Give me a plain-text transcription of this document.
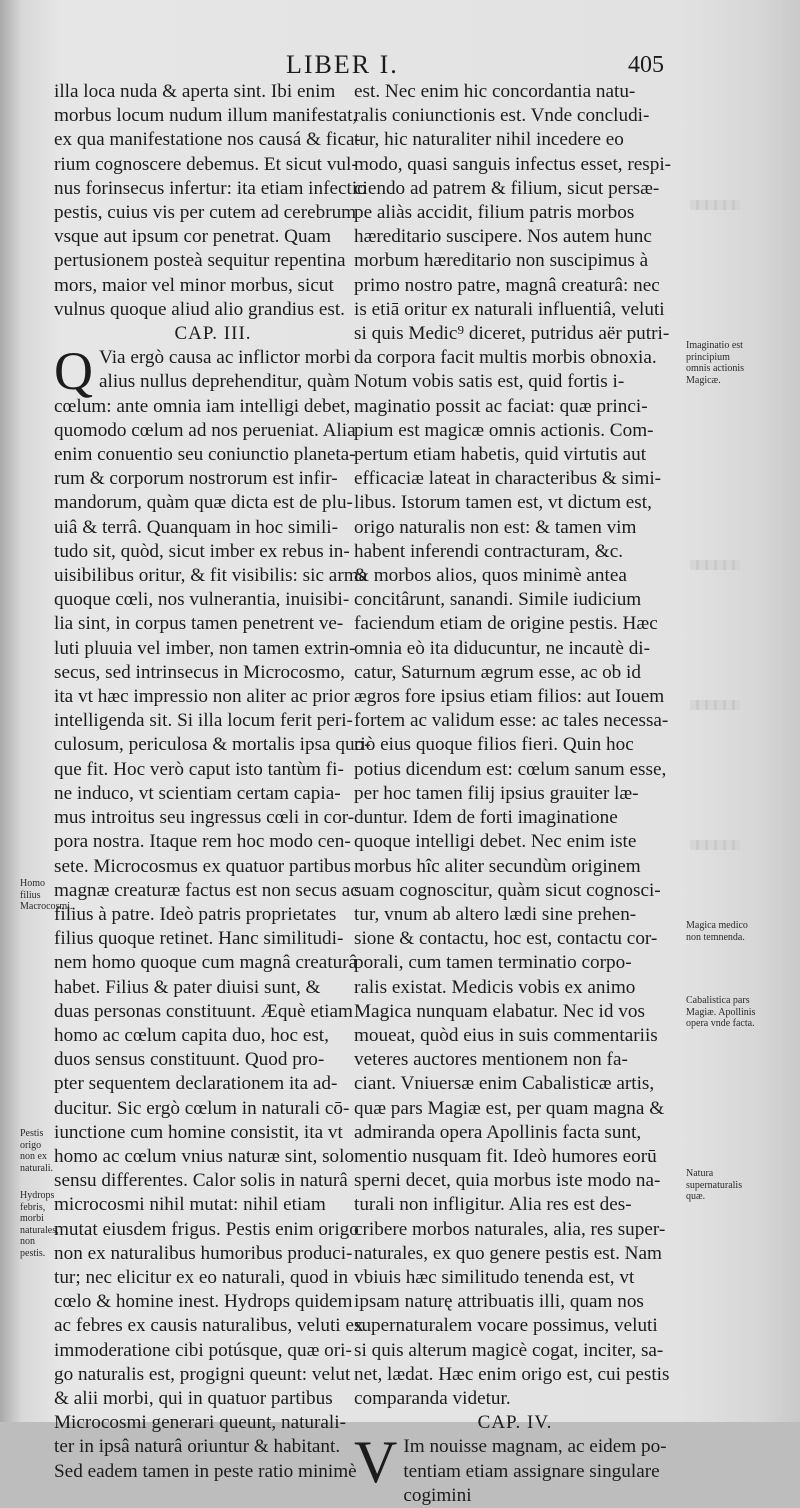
LIBER I.	405
illa loca nuda & aperta sint. Ibi enim
morbus locum nudum illum manifestat,
ex qua manifestatione nos causá & fica-
rium cognoscere debemus. Et sicut vul-
nus forinsecus infertur: ita etiam infectio
pestis, cuius vis per cutem ad cerebrum
vsque aut ipsum cor penetrat. Quam
pertusionem posteà sequitur repentina
mors, maior vel minor morbus, sicut
vulnus quoque aliud alio grandius est.
CAP. III.
Q Via ergò causa ac inflictor morbi
alius nullus deprehenditur, quàm
cœlum: ante omnia iam intelligi debet,
quomodo cœlum ad nos perueniat. Alia
enim conuentio seu coniunctio planeta-
rum & corporum nostrorum est infir-
mandorum, quàm quæ dicta est de plu-
uiâ & terrâ. Quanquam in hoc simili-
tudo sit, quòd, sicut imber ex rebus in-
uisibilibus oritur, & fit visibilis: sic arma
quoque cœli, nos vulnerantia, inuisibi-
lia sint, in corpus tamen penetrent ve-
luti pluuia vel imber, non tamen extrin-
secus, sed intrinsecus in Microcosmo,
ita vt hæc impressio non aliter ac prior
intelligenda sit. Si illa locum ferit peri-
culosum, periculosa & mortalis ipsa quo-
que fit. Hoc verò caput isto tantùm fi-
ne induco, vt scientiam certam capia-
mus introitus seu ingressus cœli in cor-
pora nostra. Itaque rem hoc modo cen-
sete. Microcosmus ex quatuor partibus
magnæ creaturæ factus est non secus ac
filius à patre. Ideò patris proprietates
filius quoque retinet. Hanc similitudi-
nem homo quoque cum magnâ creaturâ
habet. Filius & pater diuisi sunt, &
duas personas constituunt. Æquè etiam
homo ac cœlum capita duo, hoc est,
duos sensus constituunt. Quod pro-
pter sequentem declarationem ita ad-
ducitur. Sic ergò cœlum in naturali cō-
iunctione cum homine consistit, ita vt
homo ac cœlum vnius naturæ sint, solo
sensu differentes. Calor solis in naturâ
microcosmi nihil mutat: nihil etiam
mutat eiusdem frigus. Pestis enim origo
non ex naturalibus humoribus produci-
tur; nec elicitur ex eo naturali, quod in
cœlo & homine inest. Hydrops quidem
ac febres ex causis naturalibus, veluti ex
immoderatione cibi potúsque, quæ ori-
go naturalis est, progigni queunt: velut
& alii morbi, qui in quatuor partibus
Microcosmi generari queunt, naturali-
ter in ipsâ naturâ oriuntur & habitant.
Sed eadem tamen in peste ratio minimè
est. Nec enim hic concordantia natu-
ralis coniunctionis est. Vnde concludi-
tur, hic naturaliter nihil incedere eo
modo, quasi sanguis infectus esset, respi-
ciendo ad patrem & filium, sicut persæ-
pe aliàs accidit, filium patris morbos
hæreditario suscipere. Nos autem hunc
morbum hæreditario non suscipimus à
primo nostro patre, magnâ creaturâ: nec
is etiā oritur ex naturali influentiâ, veluti
si quis Medic⁹ diceret, putridus aër putri-
da corpora facit multis morbis obnoxia.
Notum vobis satis est, quid fortis i-
maginatio possit ac faciat: quæ princi-
pium est magicæ omnis actionis. Com-
pertum etiam habetis, quid virtutis aut
efficaciæ lateat in characteribus & simi-
libus. Istorum tamen est, vt dictum est,
origo naturalis non est: & tamen vim
habent inferendi contracturam, &c.
& morbos alios, quos minimè antea
concitârunt, sanandi. Simile iudicium
faciendum etiam de origine pestis. Hæc
omnia eò ita diducuntur, ne incautè di-
catur, Saturnum ægrum esse, ac ob id
ægros fore ipsius etiam filios: aut Iouem
fortem ac validum esse: ac tales necessa-
riò eius quoque filios fieri. Quin hoc
potius dicendum est: cœlum sanum esse,
per hoc tamen filij ipsius grauiter læ-
duntur. Idem de forti imaginatione
quoque intelligi debet. Nec enim iste
morbus hîc aliter secundùm originem
suam cognoscitur, quàm sicut cognosci-
tur, vnum ab altero lædi sine prehen-
sione & contactu, hoc est, contactu cor-
porali, cum tamen terminatio corpo-
ralis existat. Medicis vobis ex animo
Magica nunquam elabatur. Nec id vos
moueat, quòd eius in suis commentariis
veteres auctores mentionem non fa-
ciant. Vniuersæ enim Cabalisticæ artis,
quæ pars Magiæ est, per quam magna &
admiranda opera Apollinis facta sunt,
mentio nusquam fit. Ideò humores eorū
sperni decet, quia morbus iste modo na-
turali non infligitur. Alia res est des-
cribere morbos naturales, alia, res super-
naturales, ex quo genere pestis est. Nam
vbiuis hæc similitudo tenenda est, vt
ipsam naturę attribuatis illi, quam nos
supernaturalem vocare possimus, veluti
si quis alterum magicè cogat, inciter, sa-
net, lædat. Hæc enim origo est, cui pestis
comparanda videtur.
CAP. IV.
V Im nouisse magnam, ac eidem po-
tentiam etiam assignare singulare
cogimini
Imaginatio est principium omnis actionis Magicæ.
Homo filius Macrocosmi.
Magica medico non temnenda.
Cabalistica pars Magiæ. Apollinis opera vnde facta.
Pestis origo non ex naturali.
Hydrops febris, morbi naturales, non pestis.
Natura supernaturalis quæ.
